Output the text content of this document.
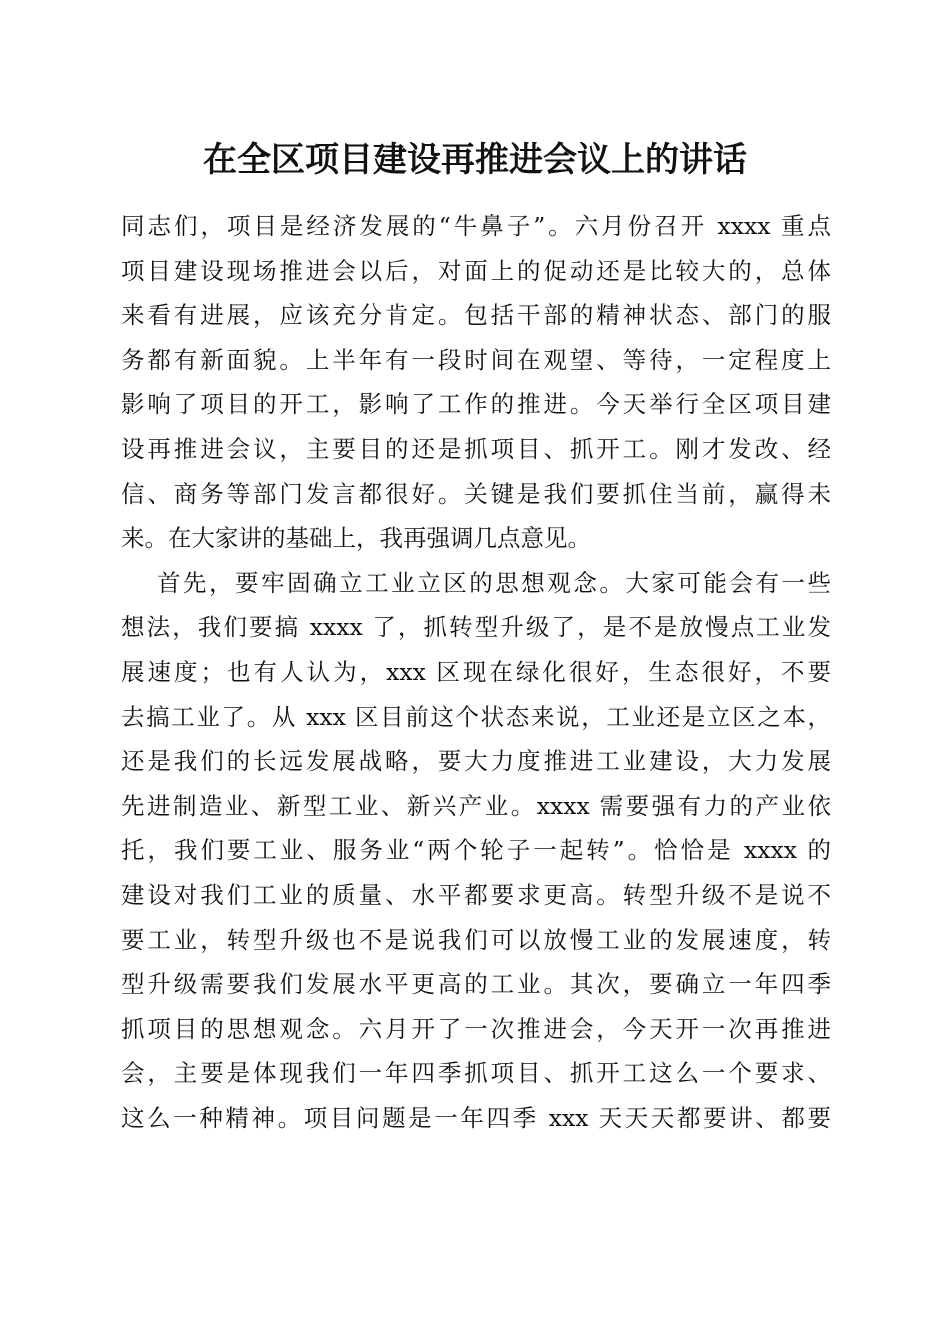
在全区项目建设再推进会议上的讲话
同志们，项目是经济发展的“牛鼻子”。六月份召开 xxxx 重点
项目建设现场推进会以后，对面上的促动还是比较大的，总体
来看有进展，应该充分肯定。包括干部的精神状态、部门的服
务都有新面貌。上半年有一段时间在观望、等待，一定程度上
影响了项目的开工，影响了工作的推进。今天举行全区项目建
设再推进会议，主要目的还是抓项目、抓开工。刚才发改、经
信、商务等部门发言都很好。关键是我们要抓住当前，赢得未
来。在大家讲的基础上，我再强调几点意见。
首先，要牢固确立工业立区的思想观念。大家可能会有一些
想法，我们要搞 xxxx 了，抓转型升级了，是不是放慢点工业发
展速度；也有人认为，xxx 区现在绿化很好，生态很好，不要
去搞工业了。从 xxx 区目前这个状态来说，工业还是立区之本，
还是我们的长远发展战略，要大力度推进工业建设，大力发展
先进制造业、新型工业、新兴产业。xxxx 需要强有力的产业依
托，我们要工业、服务业“两个轮子一起转”。恰恰是 xxxx 的
建设对我们工业的质量、水平都要求更高。转型升级不是说不
要工业，转型升级也不是说我们可以放慢工业的发展速度，转
型升级需要我们发展水平更高的工业。其次，要确立一年四季
抓项目的思想观念。六月开了一次推进会，今天开一次再推进
会，主要是体现我们一年四季抓项目、抓开工这么一个要求、
这么一种精神。项目问题是一年四季 xxx 天天天都要讲、都要
